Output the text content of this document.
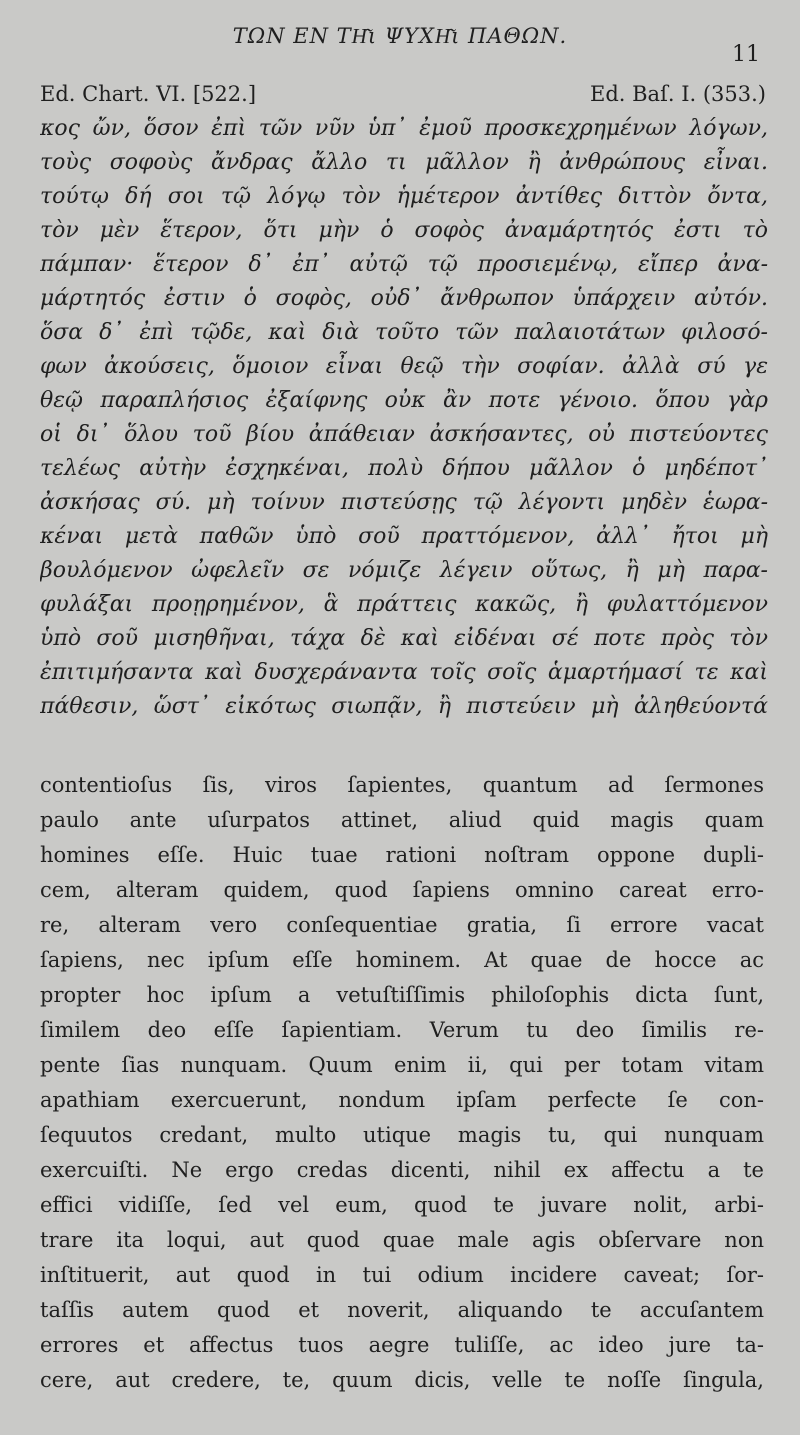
ΤΩΝ ΕΝ ΤΗ͂ι ΨΥΧΗ͂ι ΠΑΘΩΝ.
11
Ed. Chart. VI. [522.]	Ed. Baſ. I. (353.)
κος ὤν, ὅσον ἐπὶ τῶν νῦν ὑπ᾽ ἐμοῦ προσκεχρημένων λόγων,
τοὺς σοφοὺς ἄνδρας ἄλλο τι μᾶλλον ἢ ἀνθρώπους εἶναι.
τούτῳ δή σοι τῷ λόγῳ τὸν ἡμέτερον ἀντίθες διττὸν ὄντα,
τὸν μὲν ἕτερον, ὅτι μὴν ὁ σοφὸς ἀναμάρτητός ἐστι τὸ
πάμπαν· ἕτερον δ᾽ ἐπ᾽ αὐτῷ τῷ προσιεμένῳ, εἴπερ ἀνα-
μάρτητός ἐστιν ὁ σοφὸς, οὐδ᾽ ἄνθρωπον ὑπάρχειν αὐτόν.
ὅσα δ᾽ ἐπὶ τῷδε, καὶ διὰ τοῦτο τῶν παλαιοτάτων φιλοσό-
φων ἀκούσεις, ὅμοιον εἶναι θεῷ τὴν σοφίαν. ἀλλὰ σύ γε
θεῷ παραπλήσιος ἐξαίφνης οὐκ ἂν ποτε γένοιο. ὅπου γὰρ
οἱ δι᾽ ὅλου τοῦ βίου ἀπάθειαν ἀσκήσαντες, οὐ πιστεύοντες
τελέως αὐτὴν ἐσχηκέναι, πολὺ δήπου μᾶλλον ὁ μηδέποτ᾽
ἀσκήσας σύ. μὴ τοίνυν πιστεύσῃς τῷ λέγοντι μηδὲν ἑωρα-
κέναι μετὰ παθῶν ὑπὸ σοῦ πραττόμενον, ἀλλ᾽ ἤτοι μὴ
βουλόμενον ὠφελεῖν σε νόμιζε λέγειν οὕτως, ἢ μὴ παρα-
φυλάξαι προῃρημένον, ἃ πράττεις κακῶς, ἢ φυλαττόμενον
ὑπὸ σοῦ μισηθῆναι, τάχα δὲ καὶ εἰδέναι σέ ποτε πρὸς τὸν
ἐπιτιμήσαντα καὶ δυσχεράναντα τοῖς σοῖς ἁμαρτήμασί τε καὶ
πάθεσιν, ὥστ᾽ εἰκότως σιωπᾷν, ἢ πιστεύειν μὴ ἀληθεύοντά
contentioſus ſis, viros ſapientes, quantum ad ſermones
paulo ante uſurpatos attinet, aliud quid magis quam
homines eſſe. Huic tuae rationi noſtram oppone dupli-
cem, alteram quidem, quod ſapiens omnino careat erro-
re, alteram vero conſequentiae gratia, ſi errore vacat
ſapiens, nec ipſum eſſe hominem. At quae de hocce ac
propter hoc ipſum a vetuſtiſſimis philoſophis dicta ſunt,
ſimilem deo eſſe ſapientiam. Verum tu deo ſimilis re-
pente ſias nunquam. Quum enim ii, qui per totam vitam
apathiam exercuerunt, nondum ipſam perfecte ſe con-
ſequutos credant, multo utique magis tu, qui nunquam
exercuiſti. Ne ergo credas dicenti, nihil ex affectu a te
effici vidiſſe, ſed vel eum, quod te juvare nolit, arbi-
trare ita loqui, aut quod quae male agis obſervare non
inſtituerit, aut quod in tui odium incidere caveat; ſor-
taſſis autem quod et noverit, aliquando te accuſantem
errores et affectus tuos aegre tuliſſe, ac ideo jure ta-
cere, aut credere, te, quum dicis, velle te noſſe ſingula,
